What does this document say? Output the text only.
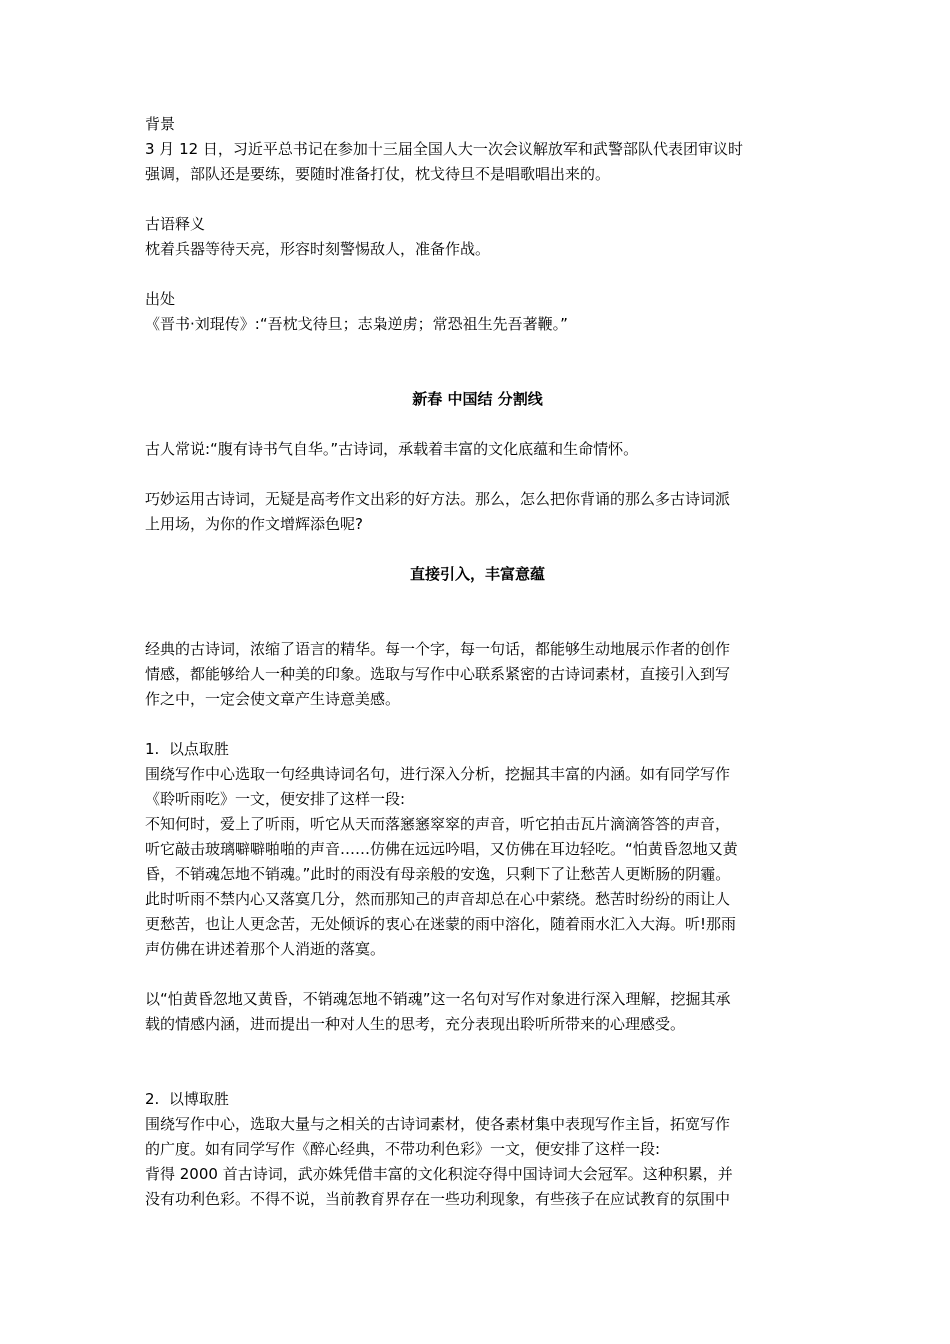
背景

3 月 12 日，习近平总书记在参加十三届全国人大一次会议解放军和武警部队代表团审议时

强调，部队还是要练，要随时准备打仗，枕戈待旦不是唱歌唱出来的。

古语释义

枕着兵器等待天亮，形容时刻警惕敌人，准备作战。

出处

《晋书·刘琨传》:“吾枕戈待旦；志枭逆虏；常恐祖生先吾著鞭。”

新春 中国结 分割线

古人常说:“腹有诗书气自华。”古诗词，承载着丰富的文化底蕴和生命情怀。

巧妙运用古诗词，无疑是高考作文出彩的好方法。那么，怎么把你背诵的那么多古诗词派

上用场，为你的作文增辉添色呢?

直接引入，丰富意蕴

经典的古诗词，浓缩了语言的精华。每一个字，每一句话，都能够生动地展示作者的创作

情感，都能够给人一种美的印象。选取与写作中心联系紧密的古诗词素材，直接引入到写

作之中，一定会使文章产生诗意美感。

1.  以点取胜

围绕写作中心选取一句经典诗词名句，进行深入分析，挖掘其丰富的内涵。如有同学写作

《聆听雨吃》一文，便安排了这样一段:

不知何时，爱上了听雨，听它从天而落窸窸窣窣的声音，听它拍击瓦片滴滴答答的声音，

听它敲击玻璃噼噼啪啪的声音……仿佛在远远吟唱，又仿佛在耳边轻吃。“怕黄昏忽地又黄

昏，不销魂怎地不销魂。”此时的雨没有母亲般的安逸，只剩下了让愁苦人更断肠的阴霾。

此时听雨不禁内心又落寞几分，然而那知己的声音却总在心中萦绕。愁苦时纷纷的雨让人

更愁苦，也让人更念苦，无处倾诉的衷心在迷蒙的雨中溶化，随着雨水汇入大海。听!那雨

声仿佛在讲述着那个人消逝的落寞。

以“怕黄昏忽地又黄昏，不销魂怎地不销魂”这一名句对写作对象进行深入理解，挖掘其承

载的情感内涵，进而提出一种对人生的思考，充分表现出聆听所带来的心理感受。

2.  以博取胜

围绕写作中心，选取大量与之相关的古诗词素材，使各素材集中表现写作主旨，拓宽写作

的广度。如有同学写作《醉心经典，不带功利色彩》一文，便安排了这样一段:

背得 2000 首古诗词，武亦姝凭借丰富的文化积淀夺得中国诗词大会冠军。这种积累，并

没有功利色彩。不得不说，当前教育界存在一些功利现象，有些孩子在应试教育的氛围中
